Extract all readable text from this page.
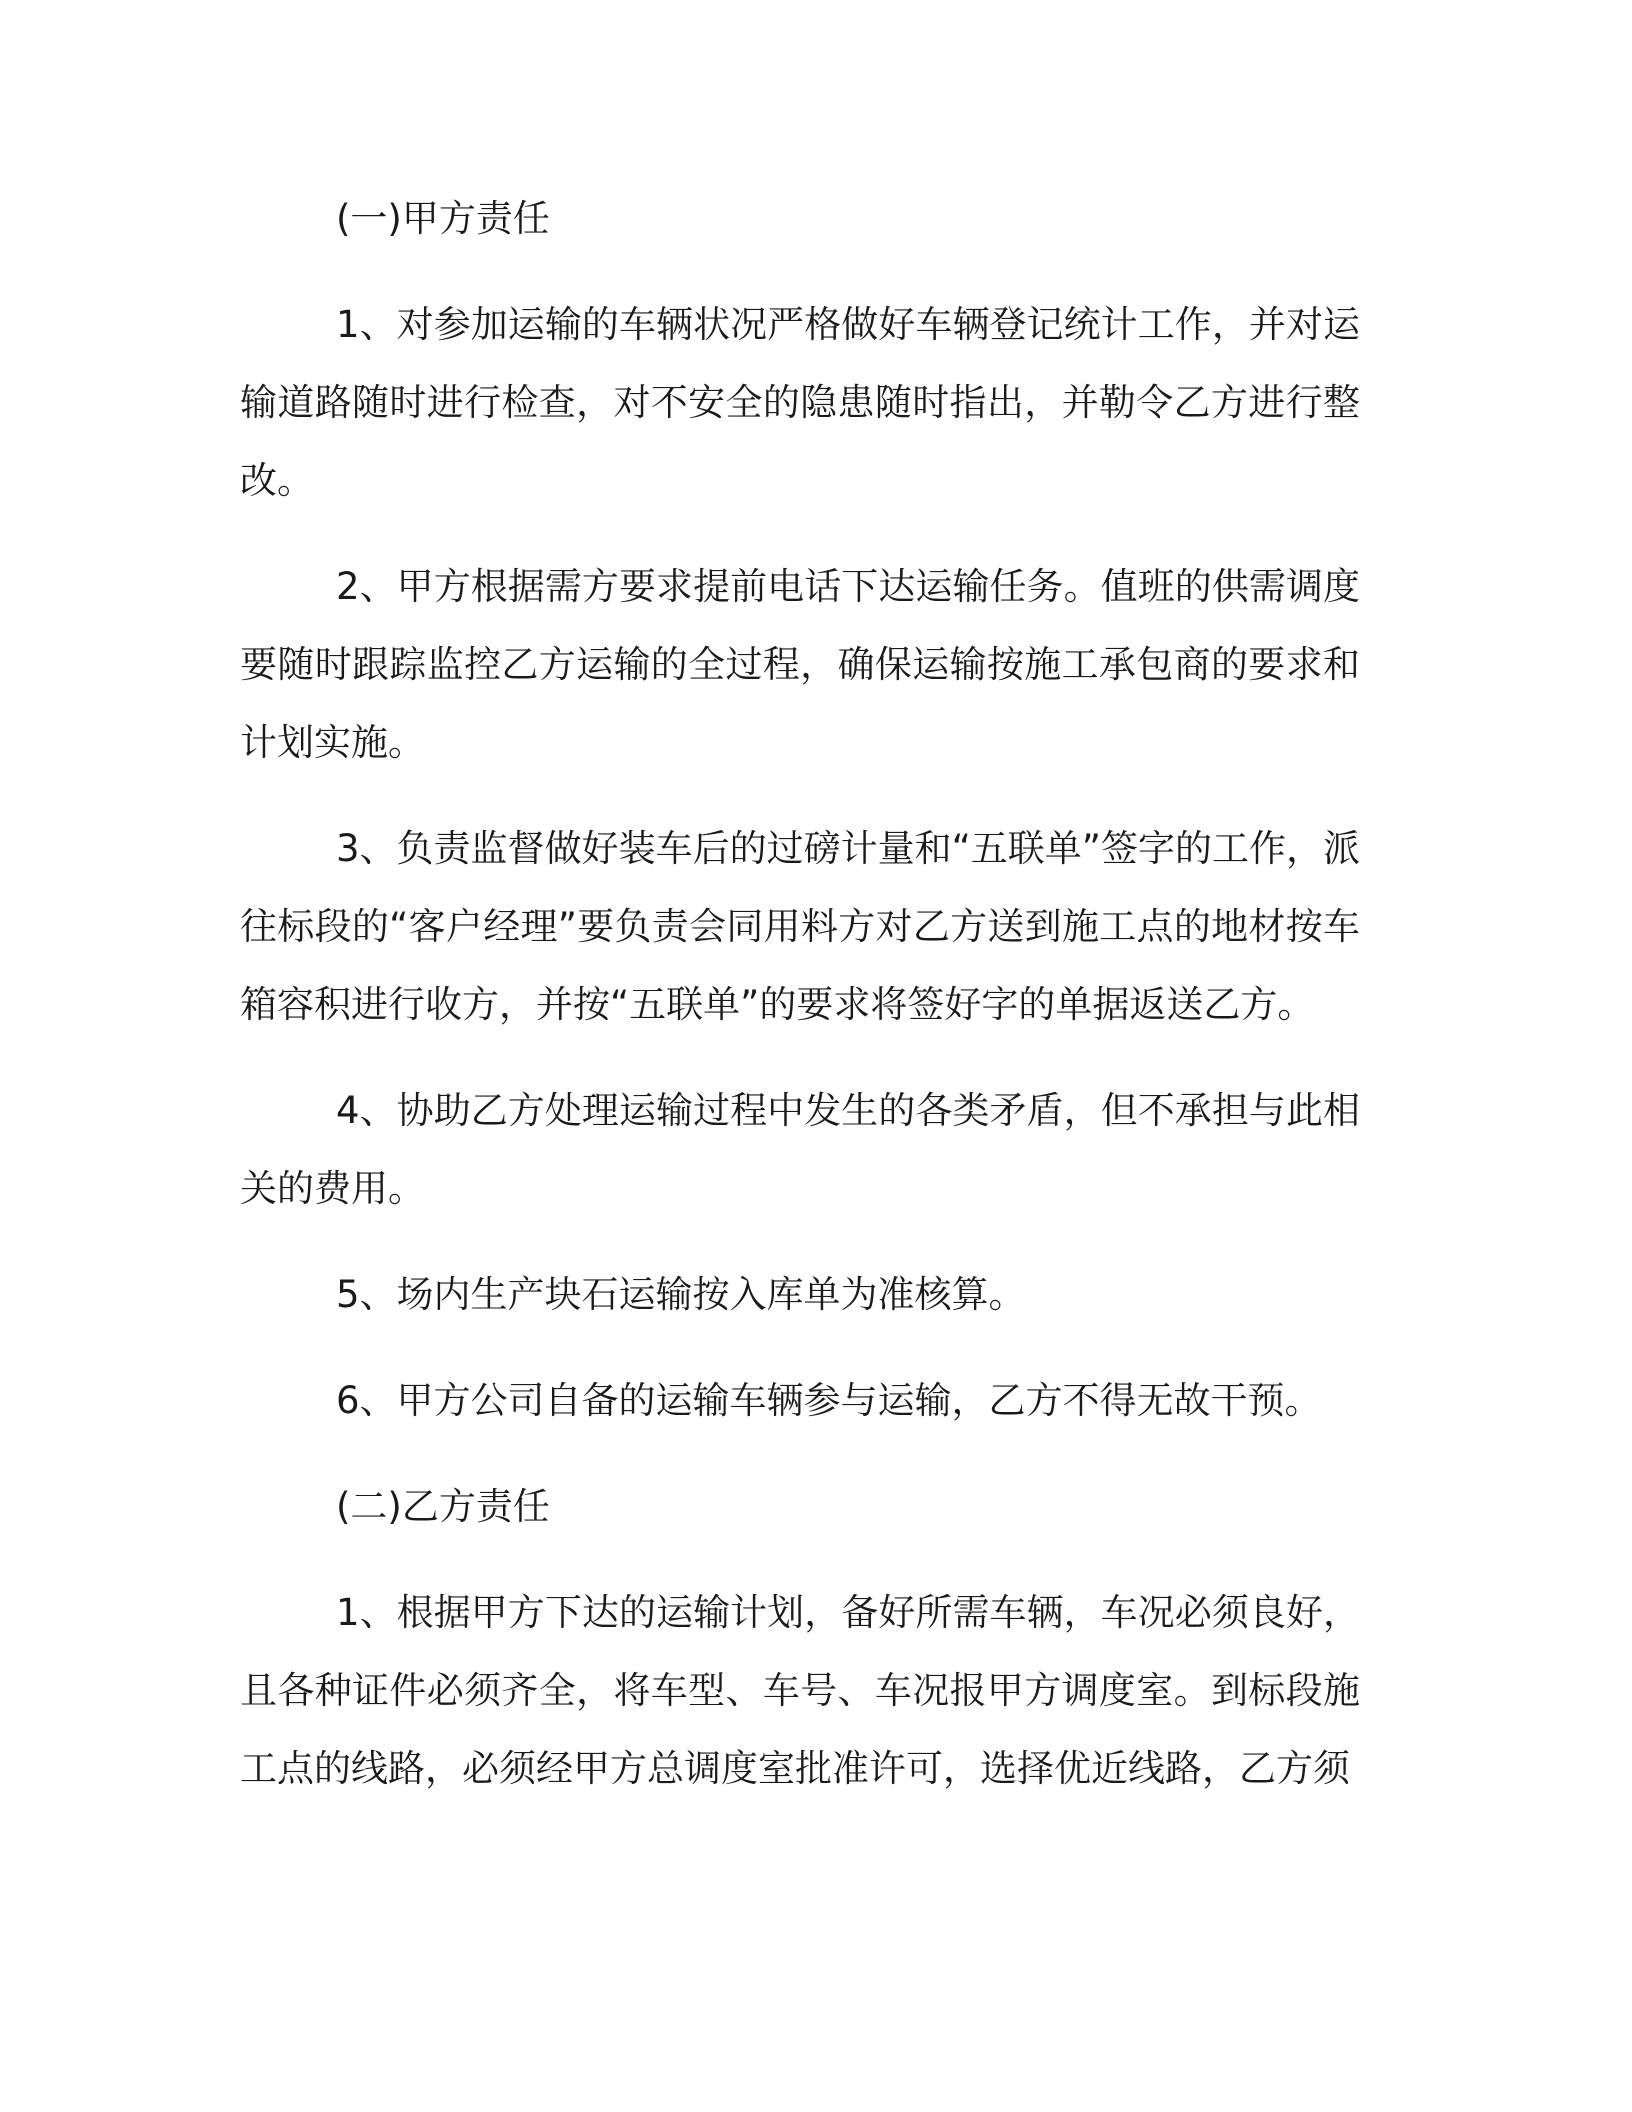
(一)甲方责任

1、对参加运输的车辆状况严格做好车辆登记统计工作，并对运输道路随时进行检查，对不安全的隐患随时指出，并勒令乙方进行整改。

2、甲方根据需方要求提前电话下达运输任务。值班的供需调度要随时跟踪监控乙方运输的全过程，确保运输按施工承包商的要求和计划实施。

3、负责监督做好装车后的过磅计量和“五联单”签字的工作，派往标段的“客户经理”要负责会同用料方对乙方送到施工点的地材按车箱容积进行收方，并按“五联单”的要求将签好字的单据返送乙方。

4、协助乙方处理运输过程中发生的各类矛盾，但不承担与此相关的费用。

5、场内生产块石运输按入库单为准核算。

6、甲方公司自备的运输车辆参与运输，乙方不得无故干预。

(二)乙方责任

1、根据甲方下达的运输计划，备好所需车辆，车况必须良好，且各种证件必须齐全，将车型、车号、车况报甲方调度室。到标段施工点的线路，必须经甲方总调度室批准许可，选择优近线路，乙方须
